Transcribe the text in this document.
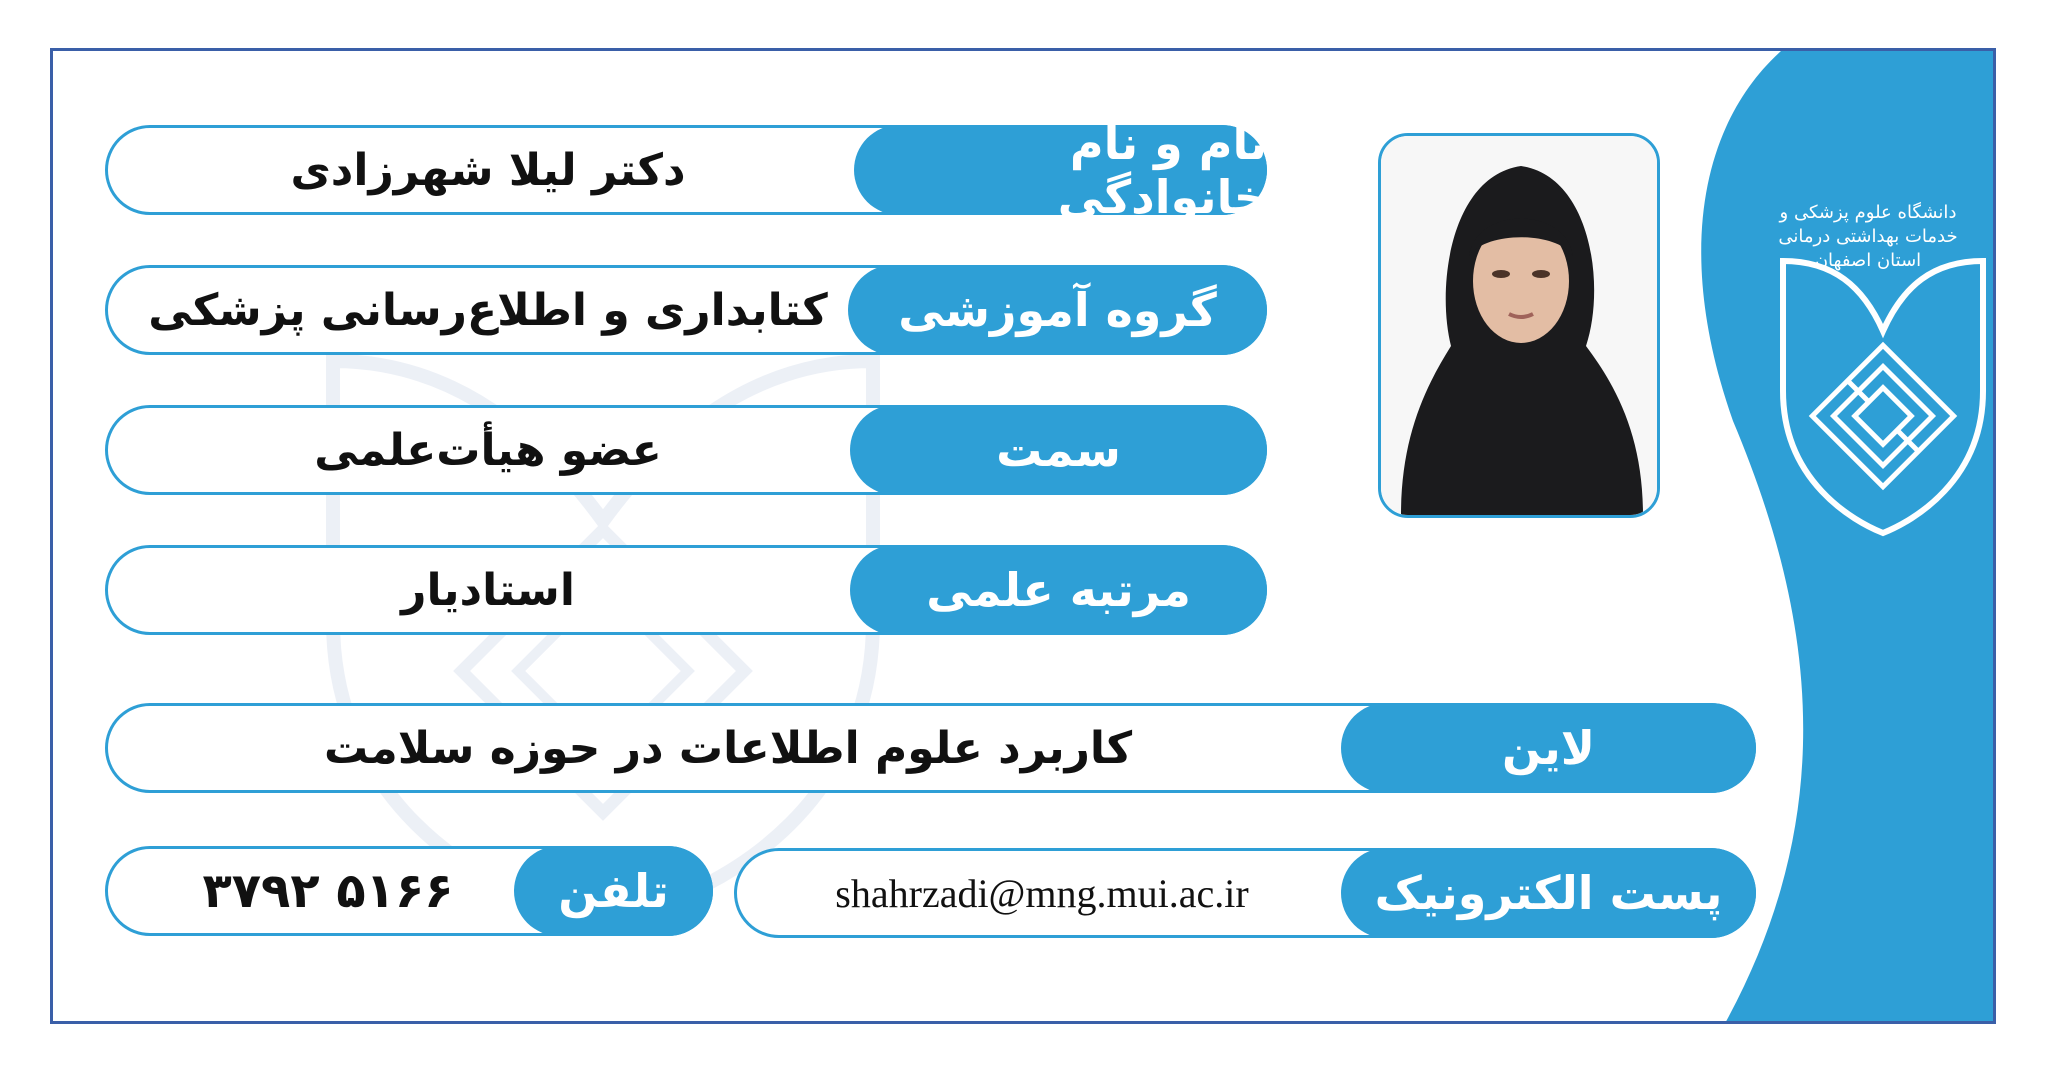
دکتر لیلا شهرزادی	نام و نام خانوادگی
کتابداری و اطلاع‌رسانی پزشکی	گروه آموزشی
عضو هیأت‌علمی	سمت
استادیار	مرتبه علمی
کاربرد علوم اطلاعات در حوزه سلامت	لاین
۳۷۹۲ ۵۱۶۶	تلفن	shahrzadi@mng.mui.ac.ir	پست الکترونیک
دانشگاه علوم پزشکی و خدمات بهداشتی درمانی
استان اصفهان
